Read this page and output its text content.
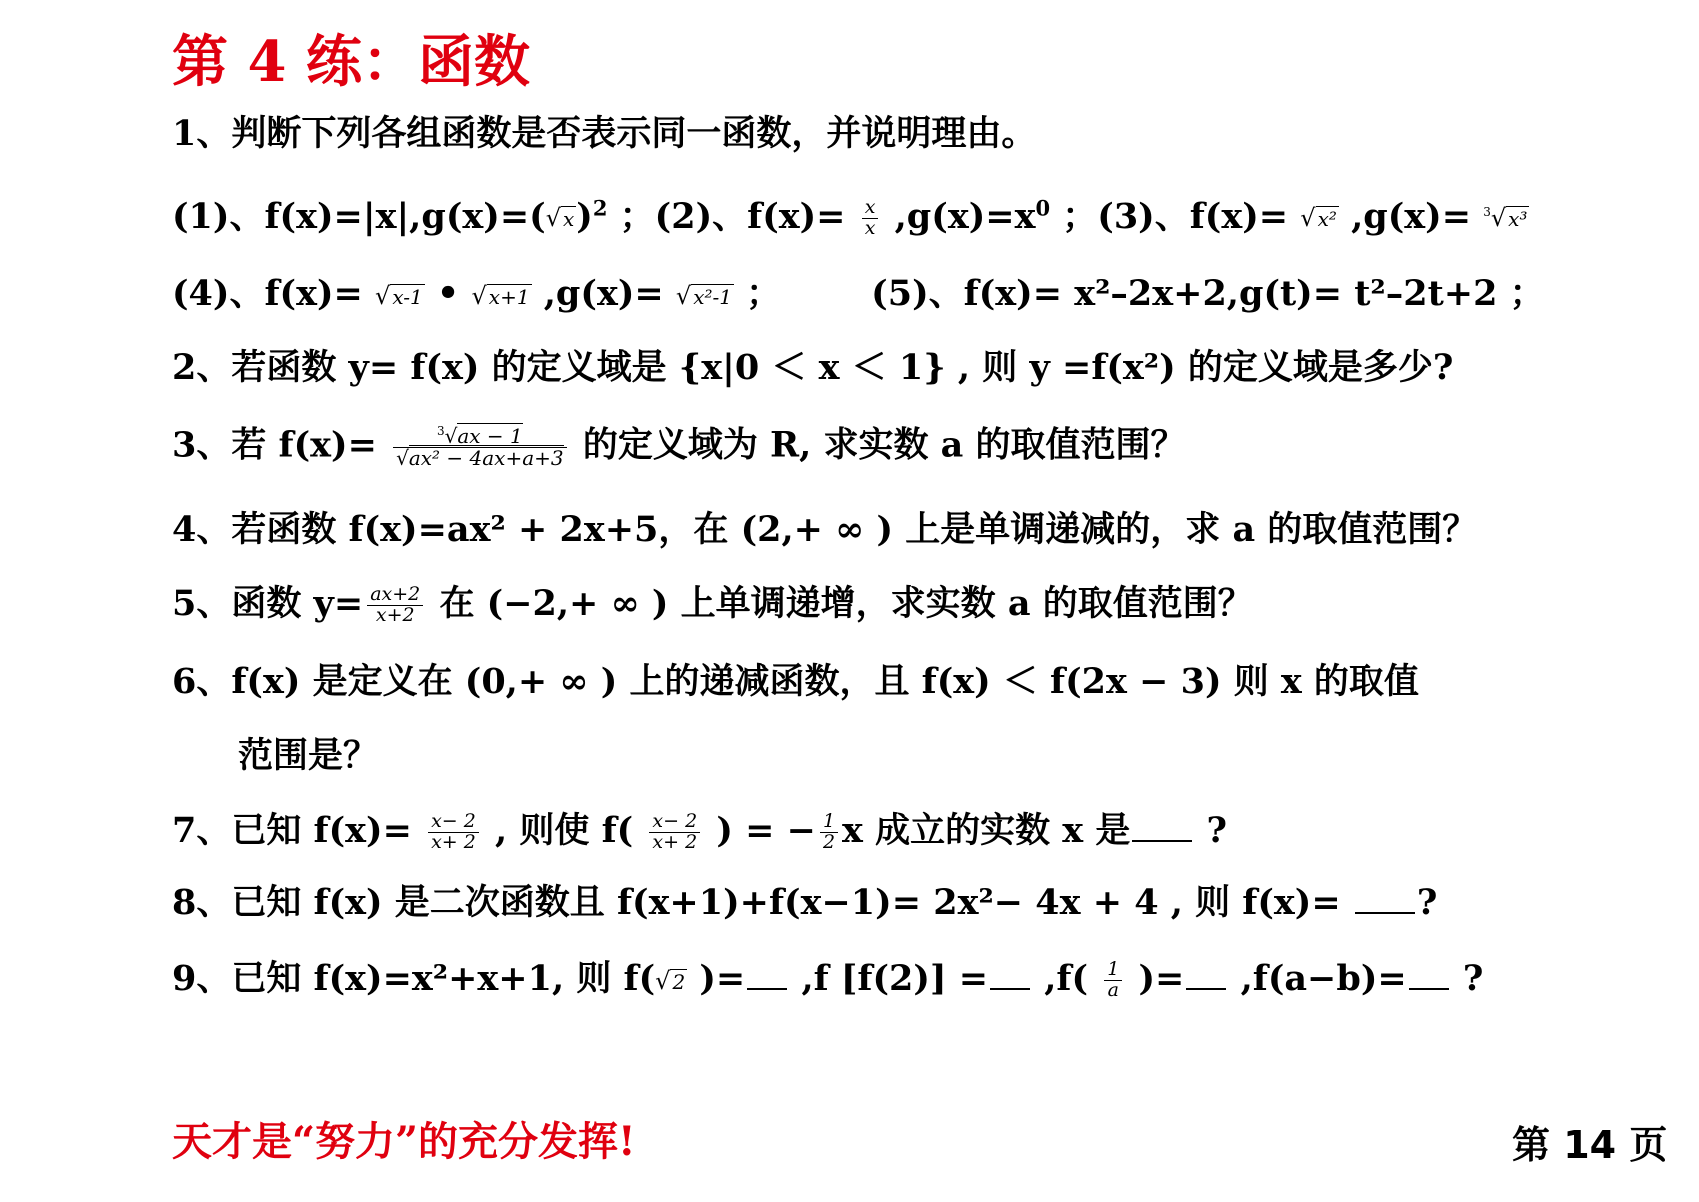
第 4 练：函数
1、判断下列各组函数是否表示同一函数，并说明理由。
(1)、f(x)=|x|,g(x)=(√ x)$^2$ ；(2)、$f(x)= \frac{x}{x} ,g(x)=x^0$ ；(3)、f(x)= √ x² ,g(x)= $^3$√ x³
(4)、f(x)= √ x-1 • √ x+1 ,g(x)= √ x²-1 ；	(5)、f(x)= x²–2x+2,g(t)= t²–2t+2 ；
2、若函数 y= f(x) 的定义域是 {x|0 ＜ x ＜ 1} , 则 y =f(x²) 的定义域是多少?
3、若 $f(x)= \frac{^3√ax - 1}{\text{√ax² − 4ax+a+3}}$ 的定义域为 R, 求实数 a 的取值范围？
4、若函数 f(x)=ax² + 2x+5，在 (2,+ ∞ ) 上是单调递减的，求 a 的取值范围？
5、函数 $y= \frac{ax+2}{x+2}$ 在 (−2,+ ∞ ) 上单调递增，求实数 a 的取值范围？
6、f(x) 是定义在 (0,+ ∞ ) 上的递减函数，且 f(x) ＜ f(2x − 3) 则 x 的取值
范围是？
7、已知 $f(x)= \frac{x- 2}{x+ 2}$ , 则使 $f( \frac{x- 2}{x+ 2}$ ) = − $\frac{1}{2}$ x 成立的实数 x 是 ?
8、已知 f(x) 是二次函数且 f(x+1)+f(x−1)= 2x²− 4x + 4 , 则 f(x)= ?
9、已知 f(x)=x²+x+1, 则 f(√ 2 )= ,f $[f(2)] = ,f( \frac{1}{a}$ )= ,f(a−b)= ?
天才是“努力”的充分发挥!	第 14 页
